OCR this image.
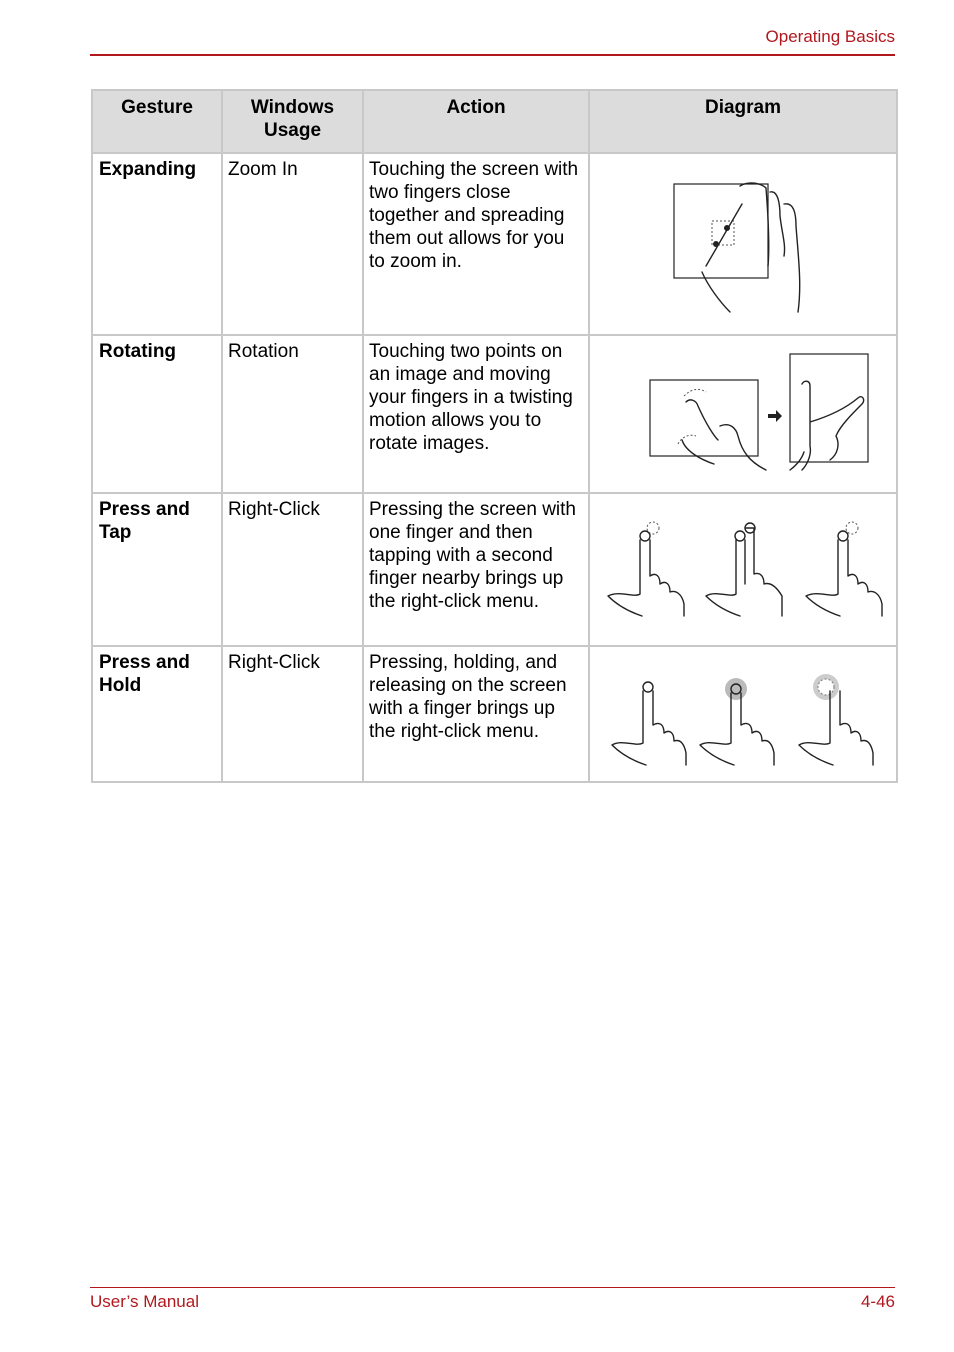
Operating Basics
Gesture	Windows Usage	Action	Diagram
Expanding	Zoom In	Touching the screen with two fingers close together and spreading them out allows for you to zoom in.	

Rotating	Rotation	Touching two points on an image and moving your fingers in a twisting motion allows you to rotate images.	

Press and Tap	Right-Click	Pressing the screen with one finger and then tapping with a second finger nearby brings up the right-click menu.	

Press and Hold	Right-Click	Pressing, holding, and releasing on the screen with a finger brings up the right-click menu.	
User’s Manual	4-46
